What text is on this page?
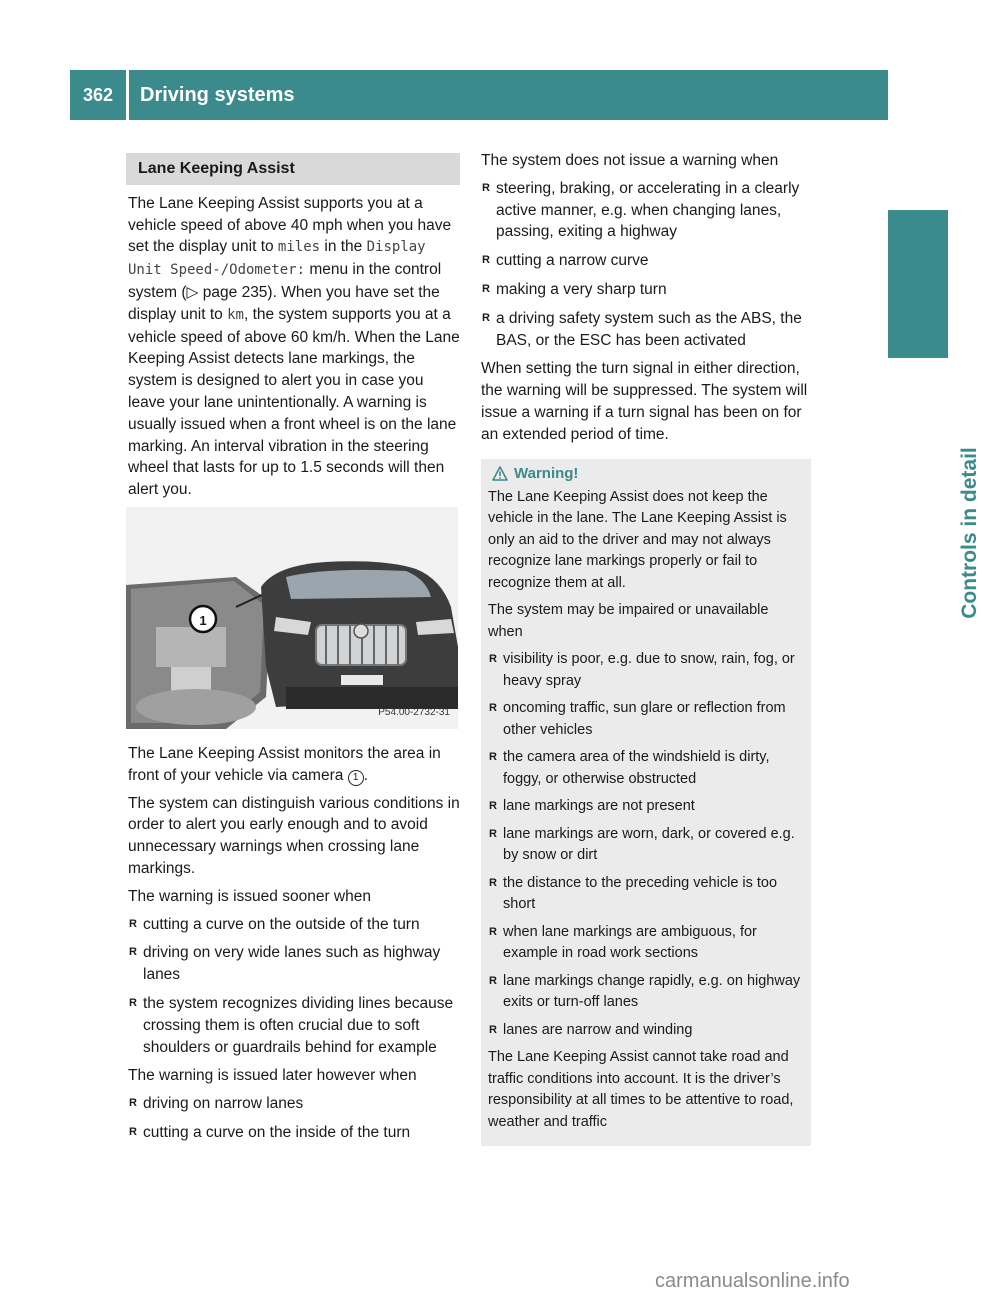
362	Driving systems
Controls in detail
Lane Keeping Assist

The Lane Keeping Assist supports you at a vehicle speed of above 40 mph when you have set the display unit to miles in the Display Unit Speed-/Odometer: menu in the control system (▷ page 235). When you have set the display unit to km, the system supports you at a vehicle speed of above 60 km/h. When the Lane Keeping Assist detects lane markings, the system is designed to alert you in case you leave your lane unintentionally. A warning is usually issued when a front wheel is on the lane marking. An interval vibration in the steering wheel that lasts for up to 1.5 seconds will then alert you.

1
P54.00-2732-31

The Lane Keeping Assist monitors the area in front of your vehicle via camera 1 .

The system can distinguish various conditions in order to alert you early enough and to avoid unnecessary warnings when crossing lane markings.

The warning is issued sooner when

R cutting a curve on the outside of the turn
R driving on very wide lanes such as highway lanes
R the system recognizes dividing lines because crossing them is often crucial due to soft shoulders or guardrails behind for example

The warning is issued later however when

R driving on narrow lanes
R cutting a curve on the inside of the turn

The system does not issue a warning when

R steering, braking, or accelerating in a clearly active manner, e.g. when changing lanes, passing, exiting a highway
R cutting a narrow curve
R making a very sharp turn
R a driving safety system such as the ABS, the BAS, or the ESC has been activated

When setting the turn signal in either direction, the warning will be suppressed. The system will issue a warning if a turn signal has been on for an extended period of time.

Warning!

The Lane Keeping Assist does not keep the vehicle in the lane. The Lane Keeping Assist is only an aid to the driver and may not always recognize lane markings properly or fail to recognize them at all.

The system may be impaired or unavailable when

R visibility is poor, e.g. due to snow, rain, fog, or heavy spray
R oncoming traffic, sun glare or reflection from other vehicles
R the camera area of the windshield is dirty, foggy, or otherwise obstructed
R lane markings are not present
R lane markings are worn, dark, or covered e.g. by snow or dirt
R the distance to the preceding vehicle is too short
R when lane markings are ambiguous, for example in road work sections
R lane markings change rapidly, e.g. on highway exits or turn-off lanes
R lanes are narrow and winding

The Lane Keeping Assist cannot take road and traffic conditions into account. It is the driver’s responsibility at all times to be attentive to road, weather and traffic

carmanualsonline.info
